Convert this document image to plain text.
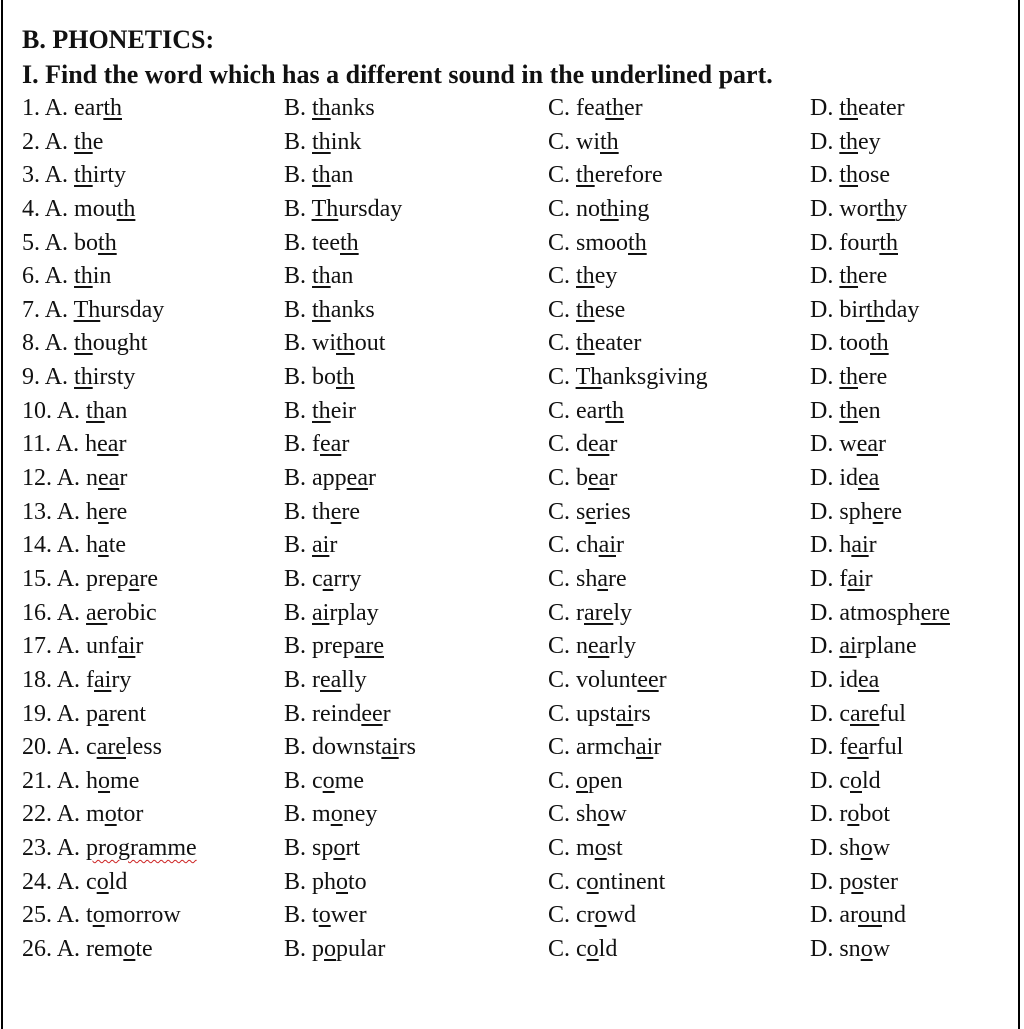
B. PHONETICS:
I. Find the word which has a different sound in the underlined part.
1. A. earth	B. thanks	C. feather	D. theater
2. A. the	B. think	C. with	D. they
3. A. thirty	B. than	C. therefore	D. those
4. A. mouth	B. Thursday	C. nothing	D. worthy
5. A. both	B. teeth	C. smooth	D. fourth
6. A. thin	B. than	C. they	D. there
7. A. Thursday	B. thanks	C. these	D. birthday
8. A. thought	B. without	C. theater	D. tooth
9. A. thirsty	B. both	C. Thanksgiving	D. there
10. A. than	B. their	C. earth	D. then
11. A. hear	B. fear	C. dear	D. wear
12. A. near	B. appear	C. bear	D. idea
13. A. here	B. there	C. series	D. sphere
14. A. hate	B. air	C. chair	D. hair
15. A. prepare	B. carry	C. share	D. fair
16. A. aerobic	B. airplay	C. rarely	D. atmosphere
17. A. unfair	B. prepare	C. nearly	D. airplane
18. A. fairy	B. really	C. volunteer	D. idea
19. A. parent	B. reindeer	C. upstairs	D. careful
20. A. careless	B. downstairs	C. armchair	D. fearful
21. A. home	B. come	C. open	D. cold
22. A. motor	B. money	C. show	D. robot
23. A. programme	B. sport	C. most	D. show
24. A. cold	B. photo	C. continent	D. poster
25. A. tomorrow	B. tower	C. crowd	D. around
26. A. remote	B. popular	C. cold	D. snow
